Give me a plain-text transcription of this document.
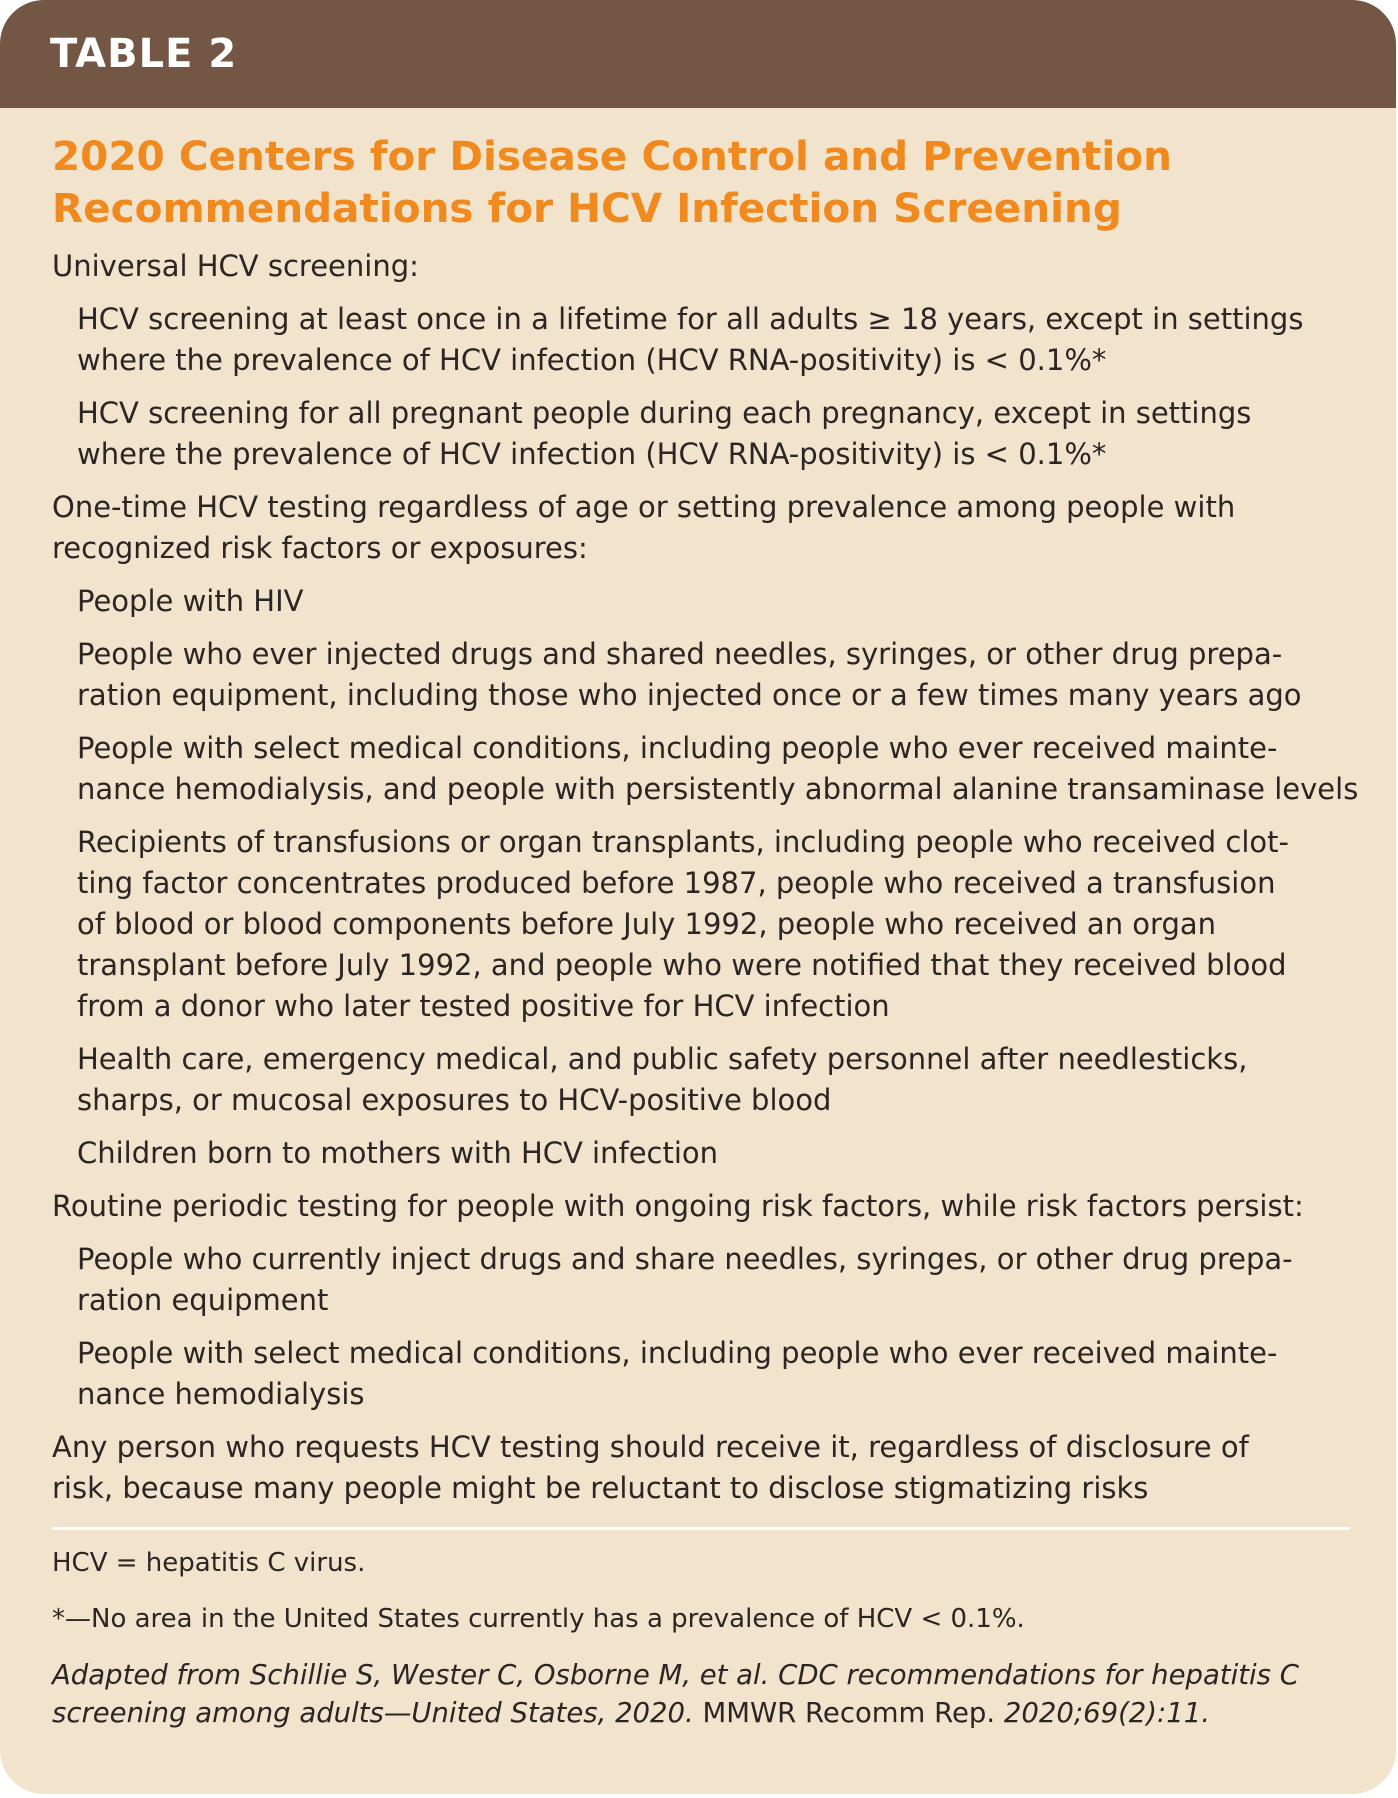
TABLE 2
2020 Centers for Disease Control and Prevention
Recommendations for HCV Infection Screening
Universal HCV screening:
HCV screening at least once in a lifetime for all adults ≥ 18 years, except in settings
where the prevalence of HCV infection (HCV RNA-positivity) is < 0.1%*
HCV screening for all pregnant people during each pregnancy, except in settings
where the prevalence of HCV infection (HCV RNA-positivity) is < 0.1%*
One-time HCV testing regardless of age or setting prevalence among people with
recognized risk factors or exposures:
People with HIV
People who ever injected drugs and shared needles, syringes, or other drug prepa-
ration equipment, including those who injected once or a few times many years ago
People with select medical conditions, including people who ever received mainte-
nance hemodialysis, and people with persistently abnormal alanine transaminase levels
Recipients of transfusions or organ transplants, including people who received clot-
ting factor concentrates produced before 1987, people who received a transfusion
of blood or blood components before July 1992, people who received an organ
transplant before July 1992, and people who were notified that they received blood
from a donor who later tested positive for HCV infection
Health care, emergency medical, and public safety personnel after needlesticks,
sharps, or mucosal exposures to HCV-positive blood
Children born to mothers with HCV infection
Routine periodic testing for people with ongoing risk factors, while risk factors persist:
People who currently inject drugs and share needles, syringes, or other drug prepa-
ration equipment
People with select medical conditions, including people who ever received mainte-
nance hemodialysis
Any person who requests HCV testing should receive it, regardless of disclosure of
risk, because many people might be reluctant to disclose stigmatizing risks
HCV = hepatitis C virus.
*—No area in the United States currently has a prevalence of HCV < 0.1%.
Adapted from Schillie S, Wester C, Osborne M, et al. CDC recommendations for hepatitis C
screening among adults—United States, 2020. MMWR Recomm Rep. 2020;69(2):11.
